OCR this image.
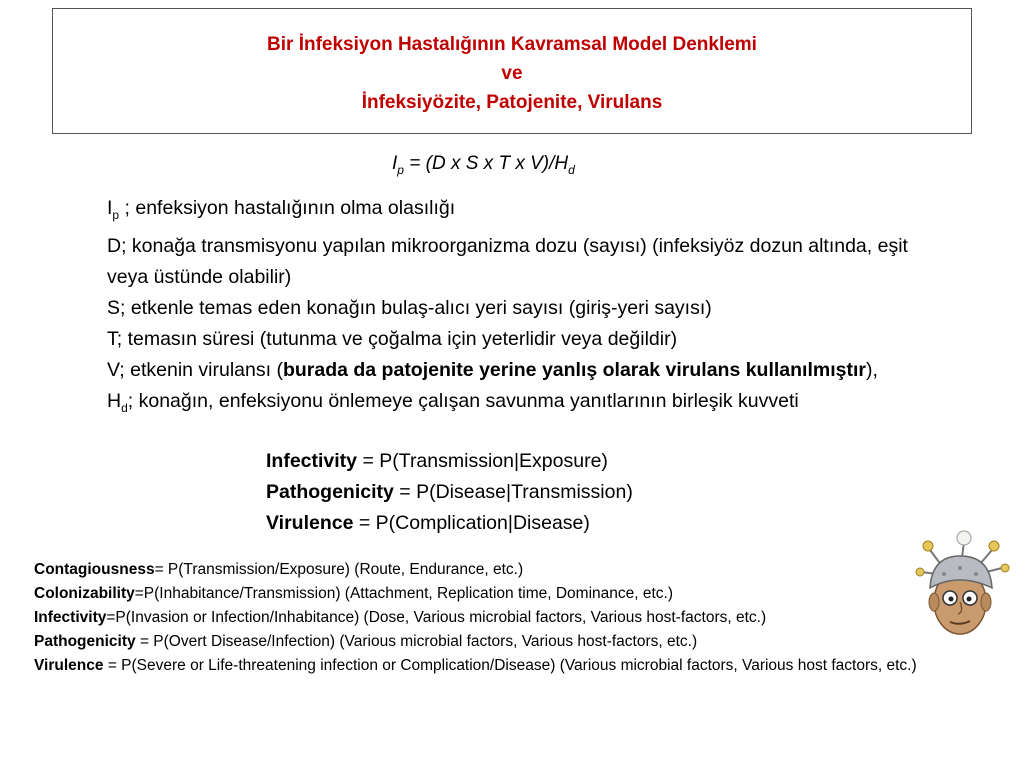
Bir İnfeksiyon Hastalığının Kavramsal Model Denklemi
ve
İnfeksiyözite, Patojenite, Virulans
$I_p = (D$ x S x T x $V)/H_d$
$I_p$ ; enfeksiyon hastalığının olma olasılığı
D; konağa transmisyonu yapılan mikroorganizma dozu (sayısı) (infeksiyöz dozun altında, eşit veya üstünde olabilir)
S; etkenle temas eden konağın bulaş-alıcı yeri sayısı (giriş-yeri sayısı)
T; temasın süresi (tutunma ve çoğalma için yeterlidir veya değildir)
V; etkenin virulansı (burada da patojenite yerine yanlış olarak virulans kullanılmıştır),
$H_d$; konağın, enfeksiyonu önlemeye çalışan savunma yanıtlarının birleşik kuvveti
Infectivity = P(Transmission|Exposure)
Pathogenicity = P(Disease|Transmission)
Virulence = P(Complication|Disease)
Contagiousness= P(Transmission/Exposure) (Route, Endurance, etc.)
Colonizability=P(Inhabitance/Transmission) (Attachment, Replication time, Dominance, etc.)
Infectivity=P(Invasion or Infection/Inhabitance) (Dose, Various microbial factors, Various host-factors, etc.)
Pathogenicity = P(Overt Disease/Infection) (Various microbial factors, Various host-factors, etc.)
Virulence = P(Severe or Life-threatening infection or Complication/Disease) (Various microbial factors, Various host factors, etc.)
